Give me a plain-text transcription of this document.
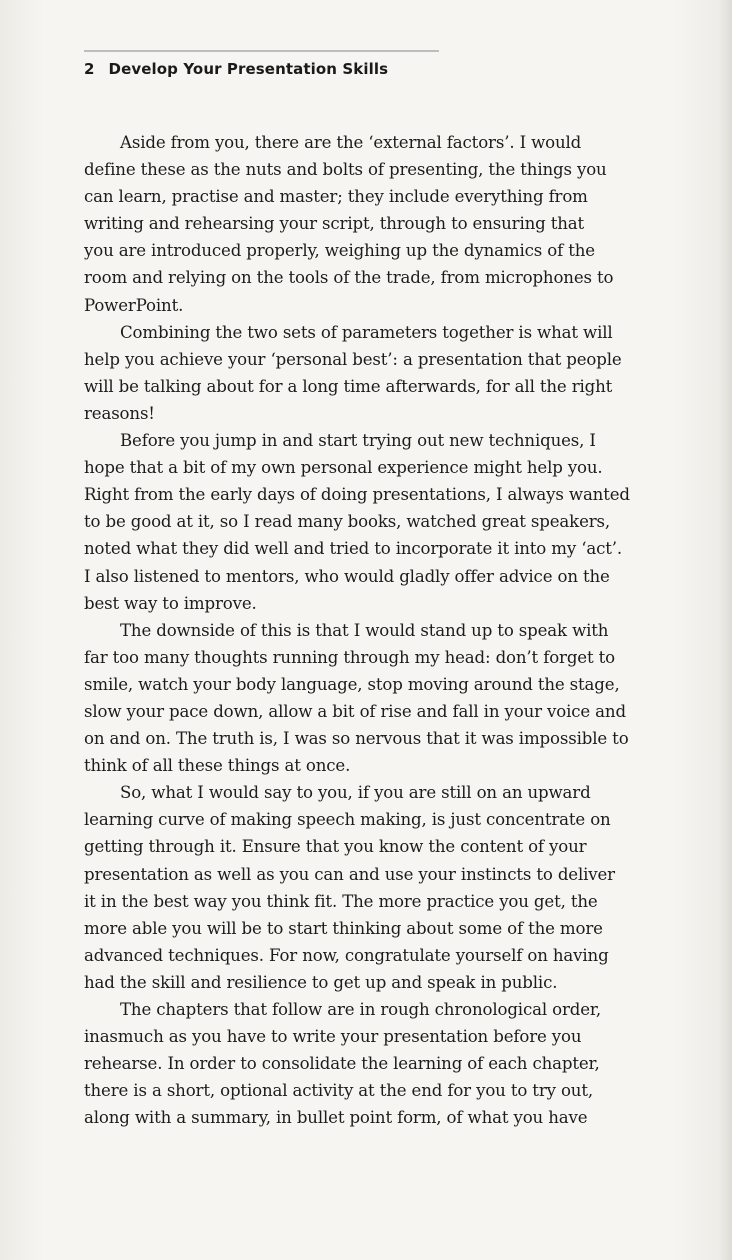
2 Develop Your Presentation Skills
Aside from you, there are the ‘external factors’. I would
define these as the nuts and bolts of presenting, the things you
can learn, practise and master; they include everything from
writing and rehearsing your script, through to ensuring that
you are introduced properly, weighing up the dynamics of the
room and relying on the tools of the trade, from microphones to
PowerPoint.
Combining the two sets of parameters together is what will
help you achieve your ‘personal best’: a presentation that people
will be talking about for a long time afterwards, for all the right
reasons!
Before you jump in and start trying out new techniques, I
hope that a bit of my own personal experience might help you.
Right from the early days of doing presentations, I always wanted
to be good at it, so I read many books, watched great speakers,
noted what they did well and tried to incorporate it into my ‘act’.
I also listened to mentors, who would gladly offer advice on the
best way to improve.
The downside of this is that I would stand up to speak with
far too many thoughts running through my head: don’t forget to
smile, watch your body language, stop moving around the stage,
slow your pace down, allow a bit of rise and fall in your voice and
on and on. The truth is, I was so nervous that it was impossible to
think of all these things at once.
So, what I would say to you, if you are still on an upward
learning curve of making speech making, is just concentrate on
getting through it. Ensure that you know the content of your
presentation as well as you can and use your instincts to deliver
it in the best way you think fit. The more practice you get, the
more able you will be to start thinking about some of the more
advanced techniques. For now, congratulate yourself on having
had the skill and resilience to get up and speak in public.
The chapters that follow are in rough chronological order,
inasmuch as you have to write your presentation before you
rehearse. In order to consolidate the learning of each chapter,
there is a short, optional activity at the end for you to try out,
along with a summary, in bullet point form, of what you have
